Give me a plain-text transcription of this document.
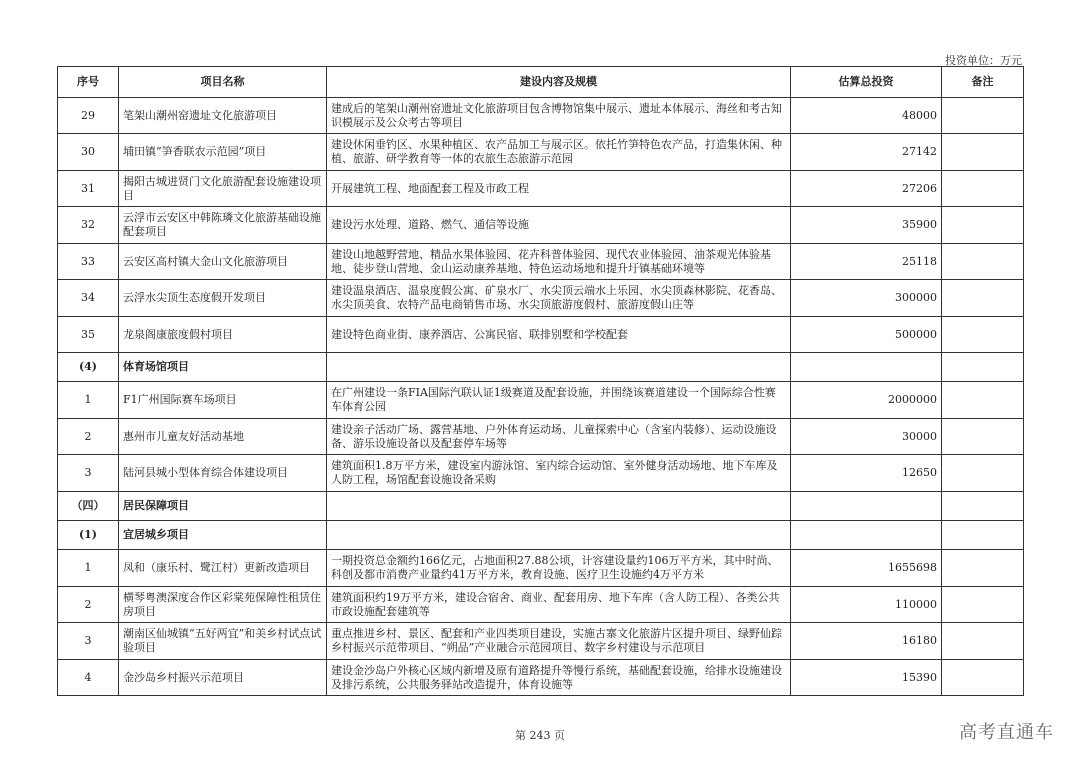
投资单位：万元
序号	项目名称	建设内容及规模	估算总投资	备注
29	笔架山潮州窑遗址文化旅游项目	建成后的笔架山潮州窑遗址文化旅游项目包含博物馆集中展示、遗址本体展示、海丝和考古知识模展示及公众考古等项目	48000	
30	埔田镇“笋香联农示范园”项目	建设休闲垂钓区、水果种植区、农产品加工与展示区。依托竹笋特色农产品，打造集休闲、种植、旅游、研学教育等一体的农旅生态旅游示范园	27142	
31	揭阳古城进贤门文化旅游配套设施建设项目	开展建筑工程、地面配套工程及市政工程	27206	
32	云浮市云安区中韩陈璘文化旅游基础设施配套项目	建设污水处理、道路、燃气、通信等设施	35900	
33	云安区高村镇大金山文化旅游项目	建设山地越野营地、精品水果体验园、花卉科普体验园、现代农业体验园、油茶观光体验基地、徒步登山营地、金山运动康养基地、特色运动场地和提升圩镇基础环境等	25118	
34	云浮水尖顶生态度假开发项目	建设温泉酒店、温泉度假公寓、矿泉水厂、水尖顶云端水上乐园、水尖顶森林影院、花香岛、水尖顶美食、农特产品电商销售市场、水尖顶旅游度假村、旅游度假山庄等	300000	
35	龙泉阁康旅度假村项目	建设特色商业街、康养酒店、公寓民宿、联排别墅和学校配套	500000	
(4)	体育场馆项目			
1	F1广州国际赛车场项目	在广州建设一条FIA国际汽联认证1级赛道及配套设施，并围绕该赛道建设一个国际综合性赛车体育公园	2000000	
2	惠州市儿童友好活动基地	建设亲子活动广场、露营基地、户外体育运动场、儿童探索中心（含室内装修）、运动设施设备、游乐设施设备以及配套停车场等	30000	
3	陆河县城小型体育综合体建设项目	建筑面积1.8万平方米，建设室内游泳馆、室内综合运动馆、室外健身活动场地、地下车库及人防工程，场馆配套设施设备采购	12650	
（四）	居民保障项目			
(1)	宜居城乡项目			
1	凤和（康乐村、鹭江村）更新改造项目	一期投资总金额约166亿元，占地面积27.88公顷，计容建设量约106万平方米，其中时尚、科创及都市消费产业量约41万平方米，教育设施、医疗卫生设施约4万平方米	1655698	
2	横琴粤澳深度合作区彩棠苑保障性租赁住房项目	建筑面积约19万平方米，建设合宿舍、商业、配套用房、地下车库（含人防工程）、各类公共市政设施配套建筑等	110000	
3	潮南区仙城镇“五好两宜”和美乡村试点试验项目	重点推进乡村、景区、配套和产业四类项目建设，实施古寨文化旅游片区提升项目、绿野仙踪乡村振兴示范带项目、“朔品”产业融合示范园项目、数字乡村建设与示范项目	16180	
4	金沙岛乡村振兴示范项目	建设金沙岛户外核心区域内新增及原有道路提升等慢行系统，基础配套设施，给排水设施建设及排污系统，公共服务驿站改造提升，体育设施等	15390	
第 243 页	高考直通车
